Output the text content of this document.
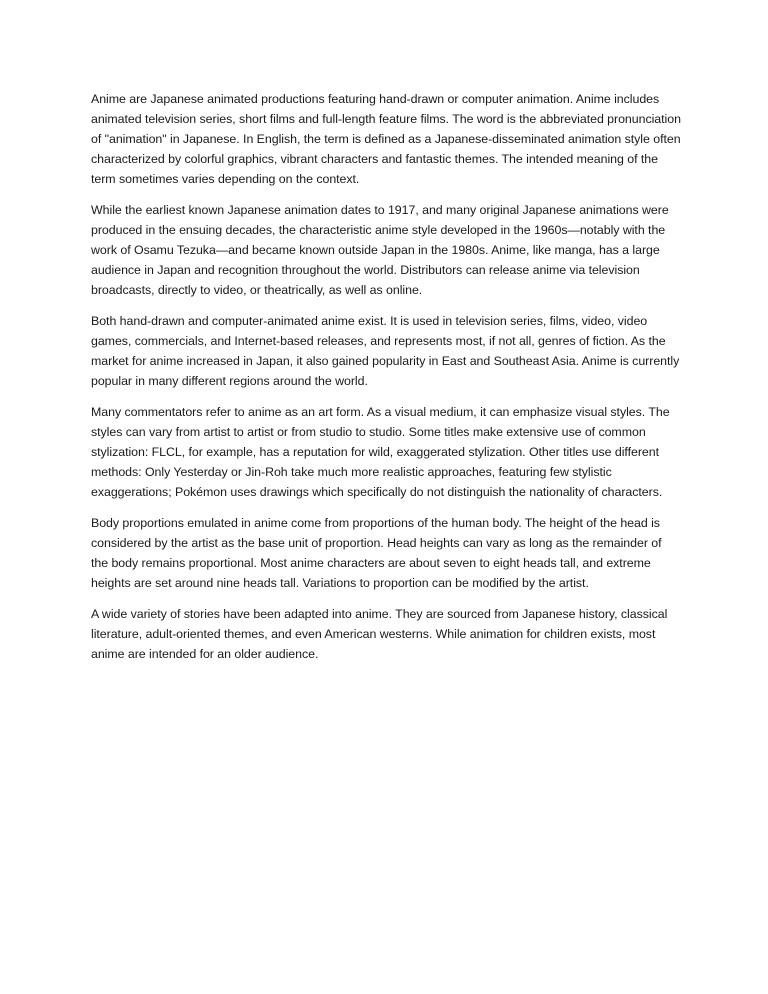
Anime are Japanese animated productions featuring hand-drawn or computer animation. Anime includes animated television series, short films and full-length feature films. The word is the abbreviated pronunciation of "animation" in Japanese. In English, the term is defined as a Japanese-disseminated animation style often characterized by colorful graphics, vibrant characters and fantastic themes. The intended meaning of the term sometimes varies depending on the context.

While the earliest known Japanese animation dates to 1917, and many original Japanese animations were produced in the ensuing decades, the characteristic anime style developed in the 1960s—notably with the work of Osamu Tezuka—and became known outside Japan in the 1980s. Anime, like manga, has a large audience in Japan and recognition throughout the world. Distributors can release anime via television broadcasts, directly to video, or theatrically, as well as online.

Both hand-drawn and computer-animated anime exist. It is used in television series, films, video, video games, commercials, and Internet-based releases, and represents most, if not all, genres of fiction. As the market for anime increased in Japan, it also gained popularity in East and Southeast Asia. Anime is currently popular in many different regions around the world.

Many commentators refer to anime as an art form. As a visual medium, it can emphasize visual styles. The styles can vary from artist to artist or from studio to studio. Some titles make extensive use of common stylization: FLCL, for example, has a reputation for wild, exaggerated stylization. Other titles use different methods: Only Yesterday or Jin-Roh take much more realistic approaches, featuring few stylistic exaggerations; Pokémon uses drawings which specifically do not distinguish the nationality of characters.

Body proportions emulated in anime come from proportions of the human body. The height of the head is considered by the artist as the base unit of proportion. Head heights can vary as long as the remainder of the body remains proportional. Most anime characters are about seven to eight heads tall, and extreme heights are set around nine heads tall. Variations to proportion can be modified by the artist.

A wide variety of stories have been adapted into anime. They are sourced from Japanese history, classical literature, adult-oriented themes, and even American westerns. While animation for children exists, most anime are intended for an older audience.
